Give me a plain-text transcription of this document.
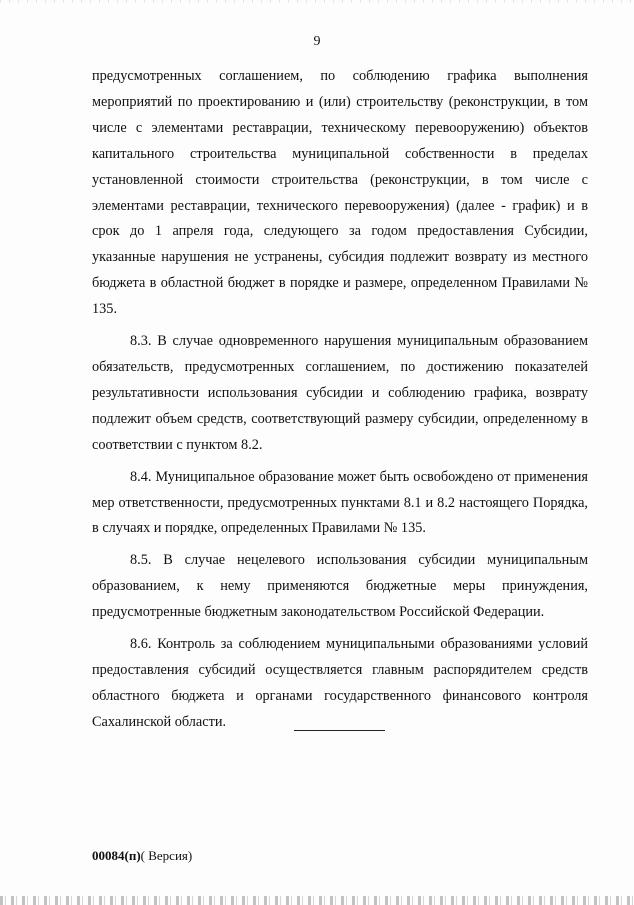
9

предусмотренных соглашением, по соблюдению графика выполнения мероприятий по проектированию и (или) строительству (реконструкции, в том числе с элементами реставрации, техническому перевооружению) объектов капитального строительства муниципальной собственности в пределах установленной стоимости строительства (реконструкции, в том числе с элементами реставрации, технического перевооружения) (далее - график) и в срок до 1 апреля года, следующего за годом предоставления Субсидии, указанные нарушения не устранены, субсидия подлежит возврату из местного бюджета в областной бюджет в порядке и размере, определенном Правилами № 135.

8.3. В случае одновременного нарушения муниципальным образованием обязательств, предусмотренных соглашением, по достижению показателей результативности использования субсидии и соблюдению графика, возврату подлежит объем средств, соответствующий размеру субсидии, определенному в соответствии с пунктом 8.2.

8.4. Муниципальное образование может быть освобождено от применения мер ответственности, предусмотренных пунктами 8.1 и 8.2 настоящего Порядка, в случаях и порядке, определенных Правилами № 135.

8.5. В случае нецелевого использования субсидии муниципальным образованием, к нему применяются бюджетные меры принуждения, предусмотренные бюджетным законодательством Российской Федерации.

8.6. Контроль за соблюдением муниципальными образованиями условий предоставления субсидий осуществляется главным распорядителем средств областного бюджета и органами государственного финансового контроля Сахалинской области.

00084(п)( Версия)
